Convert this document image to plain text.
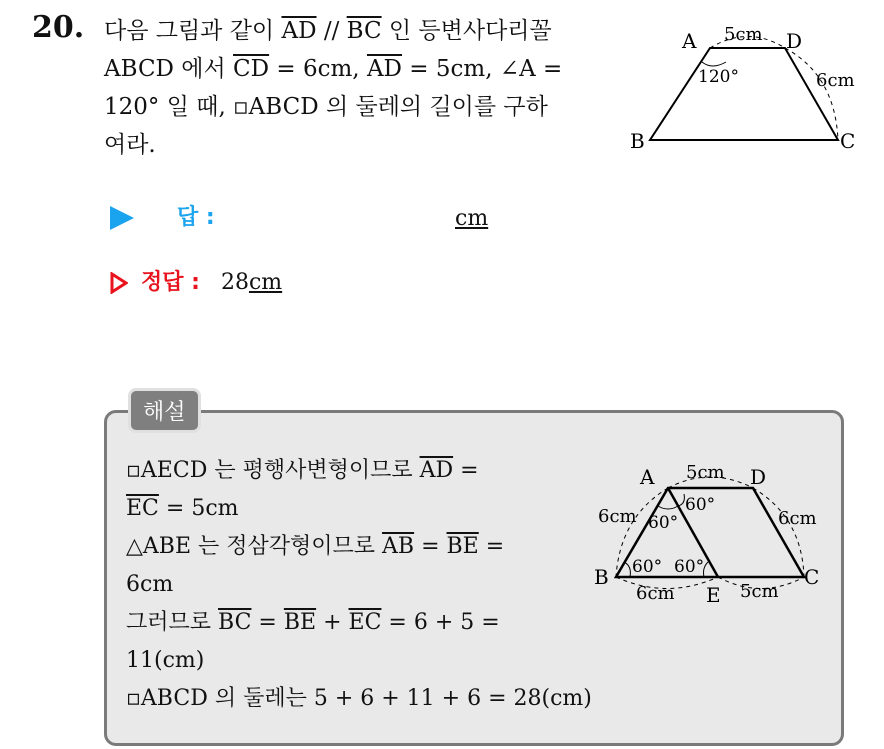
20. 다음 그림과 같이 $\overline{AD} // \overline{BC}$ 인 등변사다리꼴
ABCD 에서 $\overline{CD} = 6cm$, $\overline{AD} = 5cm$, ∠A =
120° 일 때, ▫ABCD 의 둘레의 길이를 구하
여라.
A	D
B	C
5cm
6cm
120°
답 :	cm
정답 : 28cm
해설
▫AECD 는 평행사변형이므로 $\overline{AD}$ =
$\overline{EC} = 5cm$
△ABE 는 정삼각형이므로 $\overline{AB} = \overline{BE}$ =
6cm
그러므로 $\overline{BC} = \overline{BE} + \overline{EC} = 6 + 5$ =
11(cm)
▫ABCD 의 둘레는 5 + 6 + 11 + 6 = 28(cm)
A	D
B	C
E
5cm
6cm	6cm
6cm	5cm
60°
60°
60° 60°
